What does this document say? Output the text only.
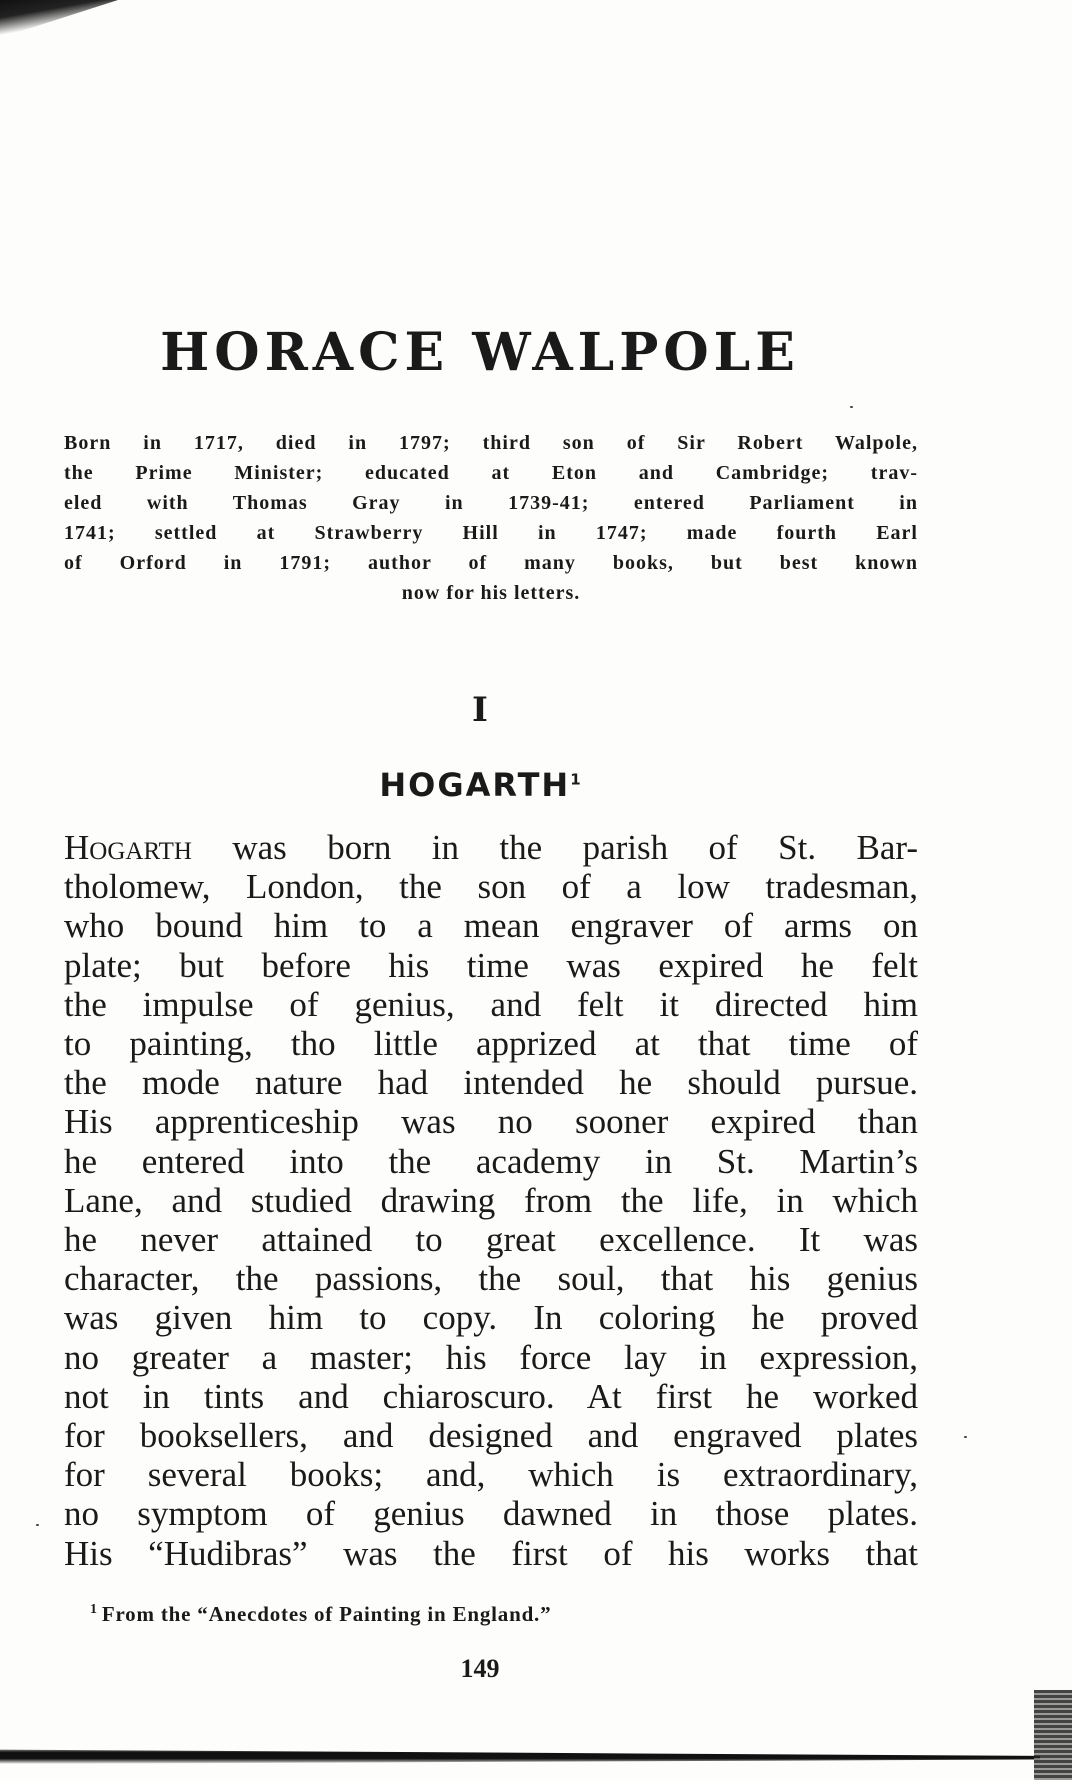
HORACE WALPOLE
Born in 1717, died in 1797; third son of Sir Robert Walpole,
the Prime Minister; educated at Eton and Cambridge; trav-
eled with Thomas Gray in 1739-41; entered Parliament in
1741; settled at Strawberry Hill in 1747; made fourth Earl
of Orford in 1791; author of many books, but best known
now for his letters.
I
HOGARTH$^1$
Hogarth was born in the parish of St. Bar-
tholomew, London, the son of a low tradesman,
who bound him to a mean engraver of arms on
plate; but before his time was expired he felt
the impulse of genius, and felt it directed him
to painting, tho little apprized at that time of
the mode nature had intended he should pursue.
His apprenticeship was no sooner expired than
he entered into the academy in St. Martin’s
Lane, and studied drawing from the life, in which
he never attained to great excellence. It was
character, the passions, the soul, that his genius
was given him to copy. In coloring he proved
no greater a master; his force lay in expression,
not in tints and chiaroscuro. At first he worked
for booksellers, and designed and engraved plates
for several books; and, which is extraordinary,
no symptom of genius dawned in those plates.
His “Hudibras” was the first of his works that
$^1$ From the “Anecdotes of Painting in England.”
149
